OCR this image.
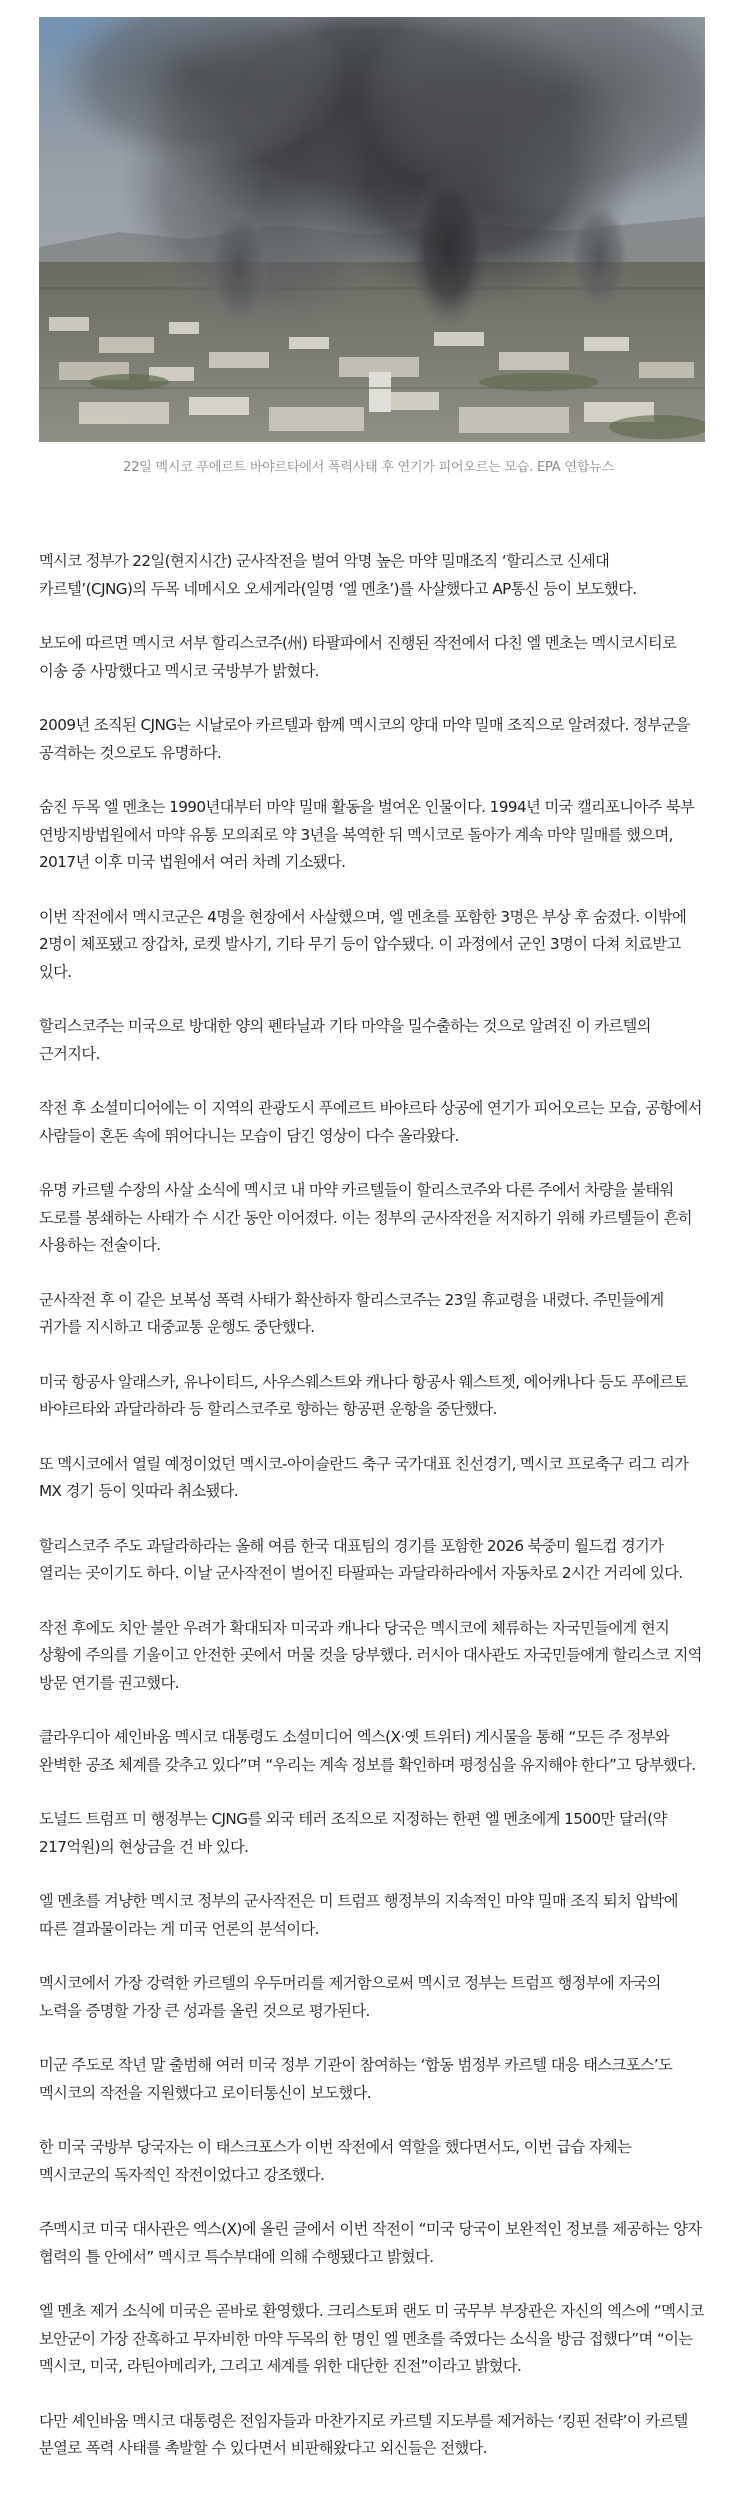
22일 멕시코 푸에르트 바야르타에서 폭력사태 후 연기가 피어오르는 모습. EPA 연합뉴스

멕시코 정부가 22일(현지시간) 군사작전을 벌여 악명 높은 마약 밀매조직 ‘할리스코 신세대 카르텔’(CJNG)의 두목 네메시오 오세게라(일명 ‘엘 멘초’)를 사살했다고 AP통신 등이 보도했다.

보도에 따르면 멕시코 서부 할리스코주(州) 타팔파에서 진행된 작전에서 다친 엘 멘초는 멕시코시티로 이송 중 사망했다고 멕시코 국방부가 밝혔다.

2009년 조직된 CJNG는 시날로아 카르텔과 함께 멕시코의 양대 마약 밀매 조직으로 알려졌다. 정부군을 공격하는 것으로도 유명하다.

숨진 두목 엘 멘초는 1990년대부터 마약 밀매 활동을 벌여온 인물이다. 1994년 미국 캘리포니아주 북부 연방지방법원에서 마약 유통 모의죄로 약 3년을 복역한 뒤 멕시코로 돌아가 계속 마약 밀매를 했으며, 2017년 이후 미국 법원에서 여러 차례 기소됐다.

이번 작전에서 멕시코군은 4명을 현장에서 사살했으며, 엘 멘초를 포함한 3명은 부상 후 숨졌다. 이밖에 2명이 체포됐고 장갑차, 로켓 발사기, 기타 무기 등이 압수됐다. 이 과정에서 군인 3명이 다쳐 치료받고 있다.

할리스코주는 미국으로 방대한 양의 펜타닐과 기타 마약을 밀수출하는 것으로 알려진 이 카르텔의 근거지다.

작전 후 소셜미디어에는 이 지역의 관광도시 푸에르트 바야르타 상공에 연기가 피어오르는 모습, 공항에서 사람들이 혼돈 속에 뛰어다니는 모습이 담긴 영상이 다수 올라왔다.

유명 카르텔 수장의 사살 소식에 멕시코 내 마약 카르텔들이 할리스코주와 다른 주에서 차량을 불태워 도로를 봉쇄하는 사태가 수 시간 동안 이어졌다. 이는 정부의 군사작전을 저지하기 위해 카르텔들이 흔히 사용하는 전술이다.

군사작전 후 이 같은 보복성 폭력 사태가 확산하자 할리스코주는 23일 휴교령을 내렸다. 주민들에게 귀가를 지시하고 대중교통 운행도 중단했다.

미국 항공사 알래스카, 유나이티드, 사우스웨스트와 캐나다 항공사 웨스트젯, 에어캐나다 등도 푸에르토 바야르타와 과달라하라 등 할리스코주로 향하는 항공편 운항을 중단했다.

또 멕시코에서 열릴 예정이었던 멕시코-아이슬란드 축구 국가대표 친선경기, 멕시코 프로축구 리그 리가 MX 경기 등이 잇따라 취소됐다.

할리스코주 주도 과달라하라는 올해 여름 한국 대표팀의 경기를 포함한 2026 북중미 월드컵 경기가 열리는 곳이기도 하다. 이날 군사작전이 벌어진 타팔파는 과달라하라에서 자동차로 2시간 거리에 있다.

작전 후에도 치안 불안 우려가 확대되자 미국과 캐나다 당국은 멕시코에 체류하는 자국민들에게 현지 상황에 주의를 기울이고 안전한 곳에서 머물 것을 당부했다. 러시아 대사관도 자국민들에게 할리스코 지역 방문 연기를 권고했다.

클라우디아 셰인바움 멕시코 대통령도 소셜미디어 엑스(X·옛 트위터) 게시물을 통해 “모든 주 정부와 완벽한 공조 체계를 갖추고 있다”며 “우리는 계속 정보를 확인하며 평정심을 유지해야 한다”고 당부했다.

도널드 트럼프 미 행정부는 CJNG를 외국 테러 조직으로 지정하는 한편 엘 멘초에게 1500만 달러(약 217억원)의 현상금을 건 바 있다.

엘 멘초를 겨냥한 멕시코 정부의 군사작전은 미 트럼프 행정부의 지속적인 마약 밀매 조직 퇴치 압박에 따른 결과물이라는 게 미국 언론의 분석이다.

멕시코에서 가장 강력한 카르텔의 우두머리를 제거함으로써 멕시코 정부는 트럼프 행정부에 자국의 노력을 증명할 가장 큰 성과를 올린 것으로 평가된다.

미군 주도로 작년 말 출범해 여러 미국 정부 기관이 참여하는 ‘합동 범정부 카르텔 대응 태스크포스’도 멕시코의 작전을 지원했다고 로이터통신이 보도했다.

한 미국 국방부 당국자는 이 태스크포스가 이번 작전에서 역할을 했다면서도, 이번 급습 자체는 멕시코군의 독자적인 작전이었다고 강조했다.

주멕시코 미국 대사관은 엑스(X)에 올린 글에서 이번 작전이 “미국 당국이 보완적인 정보를 제공하는 양자 협력의 틀 안에서” 멕시코 특수부대에 의해 수행됐다고 밝혔다.

엘 멘초 제거 소식에 미국은 곧바로 환영했다. 크리스토퍼 랜도 미 국무부 부장관은 자신의 엑스에 “멕시코 보안군이 가장 잔혹하고 무자비한 마약 두목의 한 명인 엘 멘초를 죽였다는 소식을 방금 접했다”며 “이는 멕시코, 미국, 라틴아메리카, 그리고 세계를 위한 대단한 진전”이라고 밝혔다.

다만 셰인바움 멕시코 대통령은 전임자들과 마찬가지로 카르텔 지도부를 제거하는 ‘킹핀 전략’이 카르텔 분열로 폭력 사태를 촉발할 수 있다면서 비판해왔다고 외신들은 전했다.
